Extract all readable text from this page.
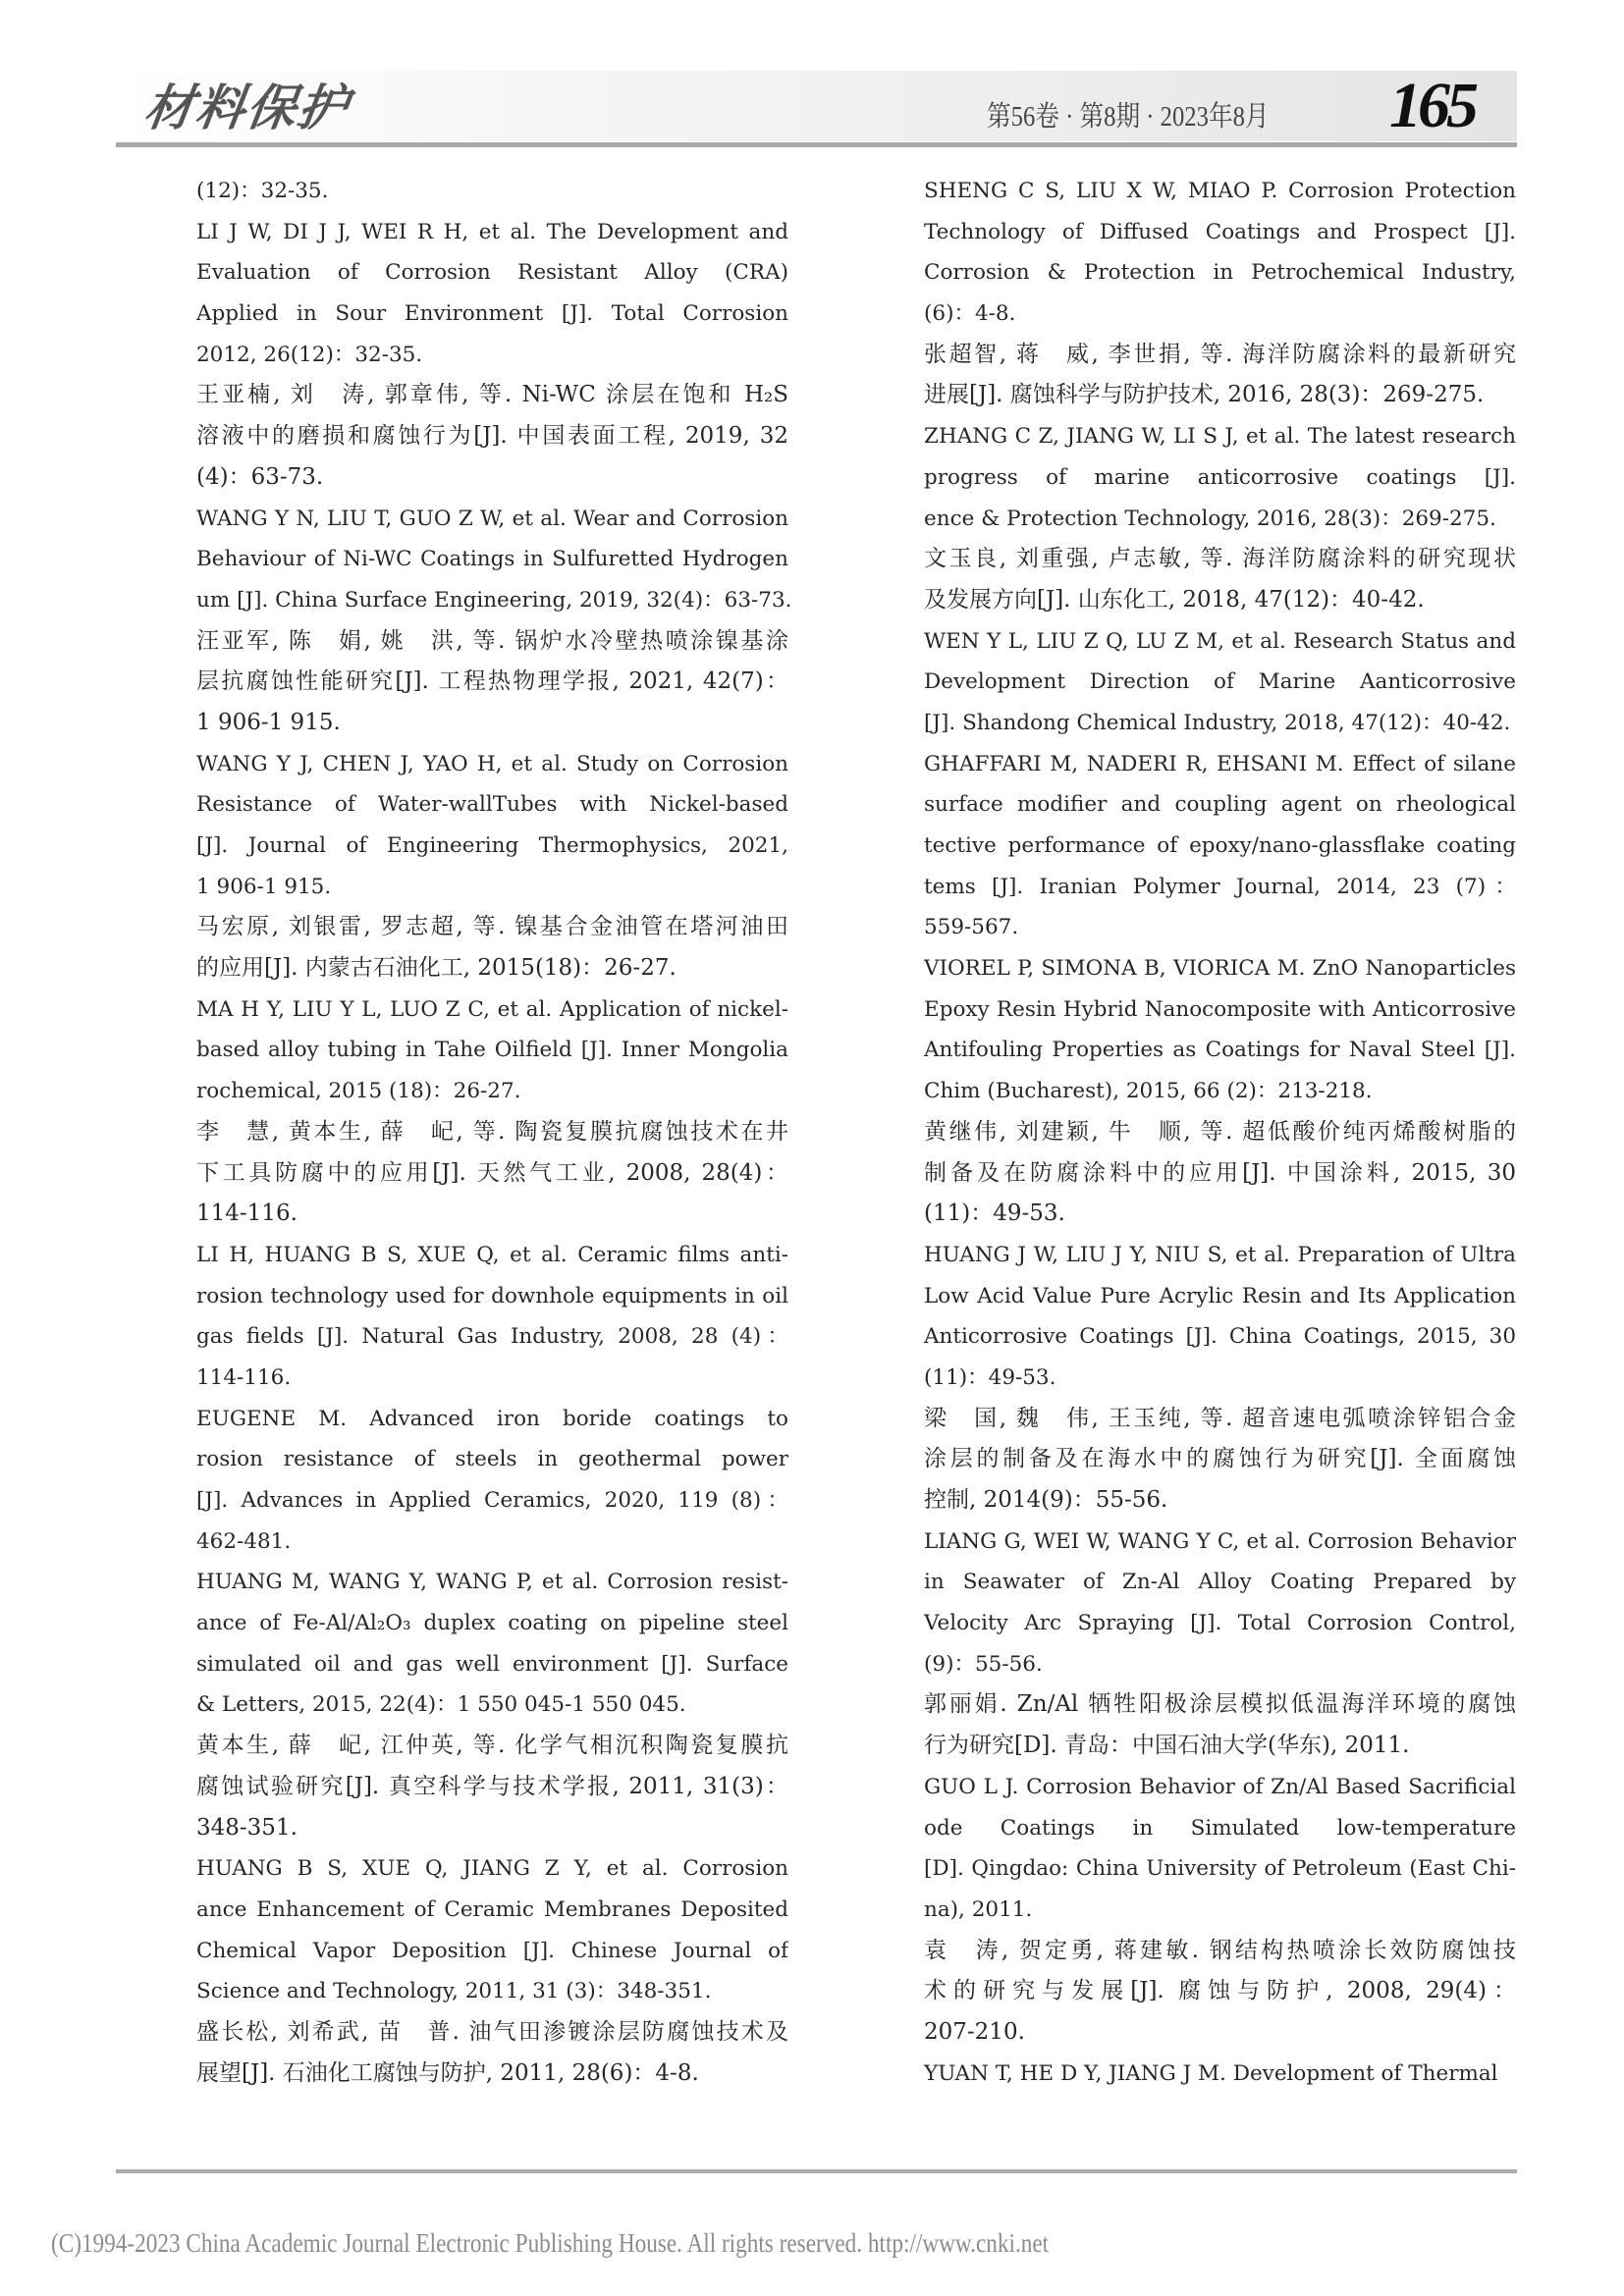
材料保护	第56卷 · 第8期 · 2023年8月 165
(12)：32-35.
LI J W, DI J J, WEI R H, et al. The Development and
Evaluation of Corrosion Resistant Alloy (CRA)
Applied in Sour Environment [J]. Total Corrosion
2012, 26(12)：32-35.
王亚楠, 刘　涛, 郭章伟, 等. Ni-WC 涂层在饱和 H₂S
溶液中的磨损和腐蚀行为[J]. 中国表面工程, 2019, 32
(4)：63-73.
WANG Y N, LIU T, GUO Z W, et al. Wear and Corrosion
Behaviour of Ni-WC Coatings in Sulfuretted Hydrogen
um [J]. China Surface Engineering, 2019, 32(4)：63-73.
汪亚军, 陈　娟, 姚　洪, 等. 锅炉水冷壁热喷涂镍基涂
层抗腐蚀性能研究[J]. 工程热物理学报, 2021, 42(7)：
1 906-1 915.
WANG Y J, CHEN J, YAO H, et al. Study on Corrosion
Resistance of Water-wallTubes with Nickel-based
[J]. Journal of Engineering Thermophysics, 2021,
1 906-1 915.
马宏原, 刘银雷, 罗志超, 等. 镍基合金油管在塔河油田
的应用[J]. 内蒙古石油化工, 2015(18)：26-27.
MA H Y, LIU Y L, LUO Z C, et al. Application of nickel-
based alloy tubing in Tahe Oilfield [J]. Inner Mongolia
rochemical, 2015 (18)：26-27.
李　慧, 黄本生, 薛　屺, 等. 陶瓷复膜抗腐蚀技术在井
下工具防腐中的应用[J]. 天然气工业, 2008, 28(4)：
114-116.
LI H, HUANG B S, XUE Q, et al. Ceramic films anti-
rosion technology used for downhole equipments in oil
gas fields [J]. Natural Gas Industry, 2008, 28 (4)：
114-116.
EUGENE M. Advanced iron boride coatings to
rosion resistance of steels in geothermal power
[J]. Advances in Applied Ceramics, 2020, 119 (8)：
462-481.
HUANG M, WANG Y, WANG P, et al. Corrosion resist-
ance of Fe-Al/Al₂O₃ duplex coating on pipeline steel
simulated oil and gas well environment [J]. Surface
& Letters, 2015, 22(4)：1 550 045-1 550 045.
黄本生, 薛　屺, 江仲英, 等. 化学气相沉积陶瓷复膜抗
腐蚀试验研究[J]. 真空科学与技术学报, 2011, 31(3)：
348-351.
HUANG B S, XUE Q, JIANG Z Y, et al. Corrosion
ance Enhancement of Ceramic Membranes Deposited
Chemical Vapor Deposition [J]. Chinese Journal of
Science and Technology, 2011, 31 (3)：348-351.
盛长松, 刘希武, 苗　普. 油气田渗镀涂层防腐蚀技术及
展望[J]. 石油化工腐蚀与防护, 2011, 28(6)：4-8.
SHENG C S, LIU X W, MIAO P. Corrosion Protection
Technology of Diffused Coatings and Prospect [J].
Corrosion & Protection in Petrochemical Industry,
(6)：4-8.
张超智, 蒋　威, 李世捐, 等. 海洋防腐涂料的最新研究
进展[J]. 腐蚀科学与防护技术, 2016, 28(3)：269-275.
ZHANG C Z, JIANG W, LI S J, et al. The latest research
progress of marine anticorrosive coatings [J].
ence & Protection Technology, 2016, 28(3)：269-275.
文玉良, 刘重强, 卢志敏, 等. 海洋防腐涂料的研究现状
及发展方向[J]. 山东化工, 2018, 47(12)：40-42.
WEN Y L, LIU Z Q, LU Z M, et al. Research Status and
Development Direction of Marine Aanticorrosive
[J]. Shandong Chemical Industry, 2018, 47(12)：40-42.
GHAFFARI M, NADERI R, EHSANI M. Effect of silane
surface modifier and coupling agent on rheological
tective performance of epoxy/nano-glassflake coating
tems [J]. Iranian Polymer Journal, 2014, 23 (7)：
559-567.
VIOREL P, SIMONA B, VIORICA M. ZnO Nanoparticles
Epoxy Resin Hybrid Nanocomposite with Anticorrosive
Antifouling Properties as Coatings for Naval Steel [J].
Chim (Bucharest), 2015, 66 (2)：213-218.
黄继伟, 刘建颖, 牛　顺, 等. 超低酸价纯丙烯酸树脂的
制备及在防腐涂料中的应用[J]. 中国涂料, 2015, 30
(11)：49-53.
HUANG J W, LIU J Y, NIU S, et al. Preparation of Ultra
Low Acid Value Pure Acrylic Resin and Its Application
Anticorrosive Coatings [J]. China Coatings, 2015, 30
(11)：49-53.
梁　国, 魏　伟, 王玉纯, 等. 超音速电弧喷涂锌铝合金
涂层的制备及在海水中的腐蚀行为研究[J]. 全面腐蚀
控制, 2014(9)：55-56.
LIANG G, WEI W, WANG Y C, et al. Corrosion Behavior
in Seawater of Zn-Al Alloy Coating Prepared by
Velocity Arc Spraying [J]. Total Corrosion Control,
(9)：55-56.
郭丽娟. Zn/Al 牺牲阳极涂层模拟低温海洋环境的腐蚀
行为研究[D]. 青岛：中国石油大学(华东), 2011.
GUO L J. Corrosion Behavior of Zn/Al Based Sacrificial
ode Coatings in Simulated low-temperature
[D]. Qingdao: China University of Petroleum (East Chi-
na), 2011.
袁　涛, 贺定勇, 蒋建敏. 钢结构热喷涂长效防腐蚀技
术的研究与发展[J]. 腐蚀与防护, 2008, 29(4)：
207-210.
YUAN T, HE D Y, JIANG J M. Development of Thermal
(C)1994-2023 China Academic Journal Electronic Publishing House. All rights reserved. http://www.cnki.net
